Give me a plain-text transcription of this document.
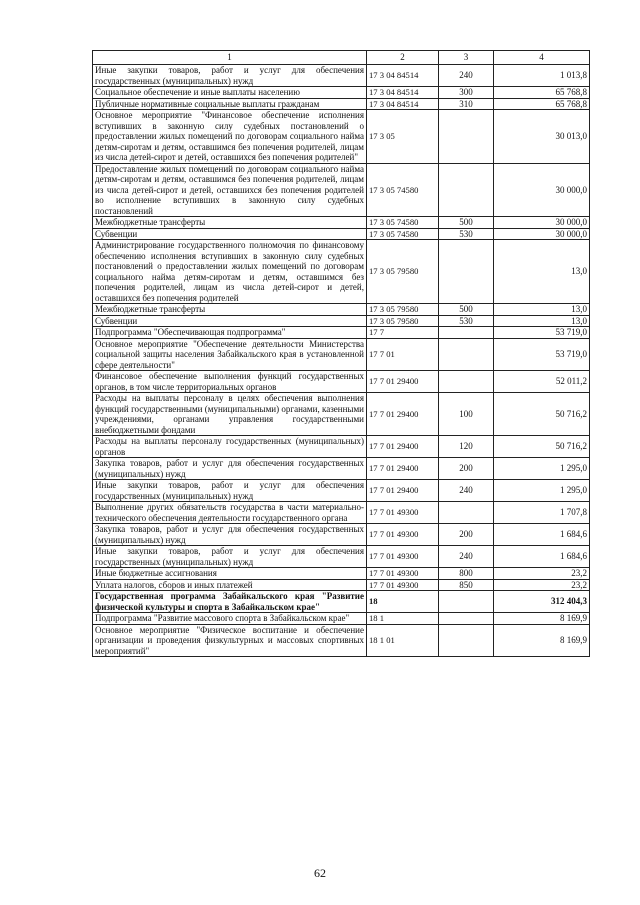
1	2	3	4
Иные закупки товаров, работ и услуг для обеспечения государственных (муниципальных) нужд	17 3 04 84514	240	1 013,8
Социальное обеспечение и иные выплаты населению	17 3 04 84514	300	65 768,8
Публичные нормативные социальные выплаты гражданам	17 3 04 84514	310	65 768,8
Основное мероприятие "Финансовое обеспечение исполнения вступивших в законную силу судебных постановлений о предоставлении жилых помещений по договорам социального найма детям-сиротам и детям, оставшимся без попечения родителей, лицам из числа детей-сирот и детей, оставшихся без попечения родителей"	17 3 05		30 013,0
Предоставление жилых помещений по договорам социального найма детям-сиротам и детям, оставшимся без попечения родителей, лицам из числа детей-сирот и детей, оставшихся без попечения родителей во исполнение вступивших в законную силу судебных постановлений	17 3 05 74580		30 000,0
Межбюджетные трансферты	17 3 05 74580	500	30 000,0
Субвенции	17 3 05 74580	530	30 000,0
Администрирование государственного полномочия по финансовому обеспечению исполнения вступивших в законную силу судебных постановлений о предоставлении жилых помещений по договорам социального найма детям-сиротам и детям, оставшимся без попечения родителей, лицам из числа детей-сирот и детей, оставшихся без попечения родителей	17 3 05 79580		13,0
Межбюджетные трансферты	17 3 05 79580	500	13,0
Субвенции	17 3 05 79580	530	13,0
Подпрограмма "Обеспечивающая подпрограмма"	17 7		53 719,0
Основное мероприятие "Обеспечение деятельности Министерства социальной защиты населения Забайкальского края в установленной сфере деятельности"	17 7 01		53 719,0
Финансовое обеспечение выполнения функций государственных органов, в том числе территориальных органов	17 7 01 29400		52 011,2
Расходы на выплаты персоналу в целях обеспечения выполнения функций государственными (муниципальными) органами, казенными учреждениями, органами управления государственными внебюджетными фондами	17 7 01 29400	100	50 716,2
Расходы на выплаты персоналу государственных (муниципальных) органов	17 7 01 29400	120	50 716,2
Закупка товаров, работ и услуг для обеспечения государственных (муниципальных) нужд	17 7 01 29400	200	1 295,0
Иные закупки товаров, работ и услуг для обеспечения государственных (муниципальных) нужд	17 7 01 29400	240	1 295,0
Выполнение других обязательств государства в части материально-технического обеспечения деятельности государственного органа	17 7 01 49300		1 707,8
Закупка товаров, работ и услуг для обеспечения государственных (муниципальных) нужд	17 7 01 49300	200	1 684,6
Иные закупки товаров, работ и услуг для обеспечения государственных (муниципальных) нужд	17 7 01 49300	240	1 684,6
Иные бюджетные ассигнования	17 7 01 49300	800	23,2
Уплата налогов, сборов и иных платежей	17 7 01 49300	850	23,2
Государственная программа Забайкальского края "Развитие физической культуры и спорта в Забайкальском крае"	18		312 404,3
Подпрограмма "Развитие массового спорта в Забайкальском крае"	18 1		8 169,9
Основное мероприятие "Физическое воспитание и обеспечение организации и проведения физкультурных и массовых спортивных мероприятий"	18 1 01		8 169,9
62
